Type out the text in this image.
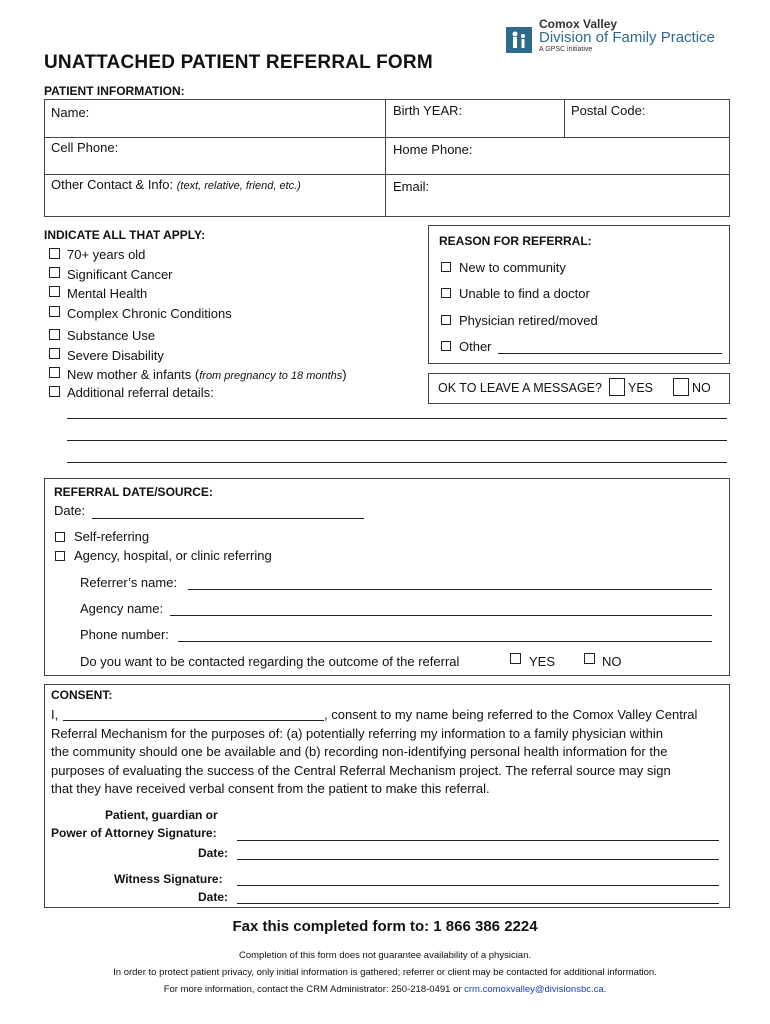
Comox Valley
Division of Family Practice
A GPSC initiative
UNATTACHED PATIENT REFERRAL FORM
PATIENT INFORMATION:
Name:	Birth YEAR:	Postal Code:
Cell Phone:	Home Phone:
Other Contact & Info: (text, relative, friend, etc.)	Email:
INDICATE ALL THAT APPLY:
70+ years old
Significant Cancer
Mental Health
Complex Chronic Conditions
Substance Use
Severe Disability
New mother & infants (from pregnancy to 18 months)
Additional referral details:
REASON FOR REFERRAL:
New to community
Unable to find a doctor
Physician retired/moved
Other
OK TO LEAVE A MESSAGE? YES	NO
REFERRAL DATE/SOURCE:
Date:
Self-referring
Agency, hospital, or clinic referring
Referrer’s name:
Agency name:
Phone number:
Do you want to be contacted regarding the outcome of the referral	YES	NO
CONSENT:
I,	, consent to my name being referred to the Comox Valley Central
Referral Mechanism for the purposes of: (a) potentially referring my information to a family physician within
the community should one be available and (b) recording non-identifying personal health information for the
purposes of evaluating the success of the Central Referral Mechanism project. The referral source may sign
that they have received verbal consent from the patient to make this referral.
Patient, guardian or
Power of Attorney Signature:
Date:
Witness Signature:
Date:
Fax this completed form to: 1 866 386 2224
Completion of this form does not guarantee availability of a physician.
In order to protect patient privacy, only initial information is gathered; referrer or client may be contacted for additional information.
For more information, contact the CRM Administrator: 250-218-0491 or crm.comoxvalley@divisionsbc.ca.
